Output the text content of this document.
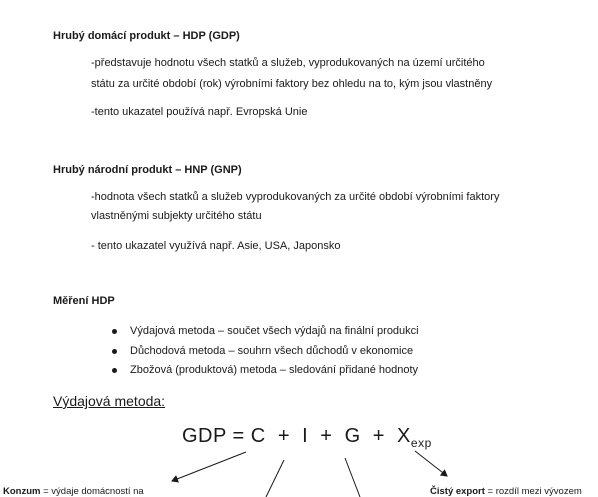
Hrubý domácí produkt – HDP (GDP)
-představuje hodnotu všech statků a služeb, vyprodukovaných na území určitého
státu za určité období (rok) výrobními faktory bez ohledu na to, kým jsou vlastněny
-tento ukazatel používá např. Evropská Unie
Hrubý národní produkt – HNP (GNP)
-hodnota všech statků a služeb vyprodukovaných za určité období výrobními faktory
vlastněnými subjekty určitého státu
- tento ukazatel využívá např. Asie, USA, Japonsko
Měření HDP
Výdajová metoda – součet všech výdajů na finální produkci
Důchodová metoda – souhrn všech důchodů v ekonomice
Zbožová (produktová) metoda – sledování přidané hodnoty
Výdajová metoda:
GDP = $C + I + G + X_{exp}$
Konzum = výdaje domácností na	Čistý export = rozdíl mezi vývozem
